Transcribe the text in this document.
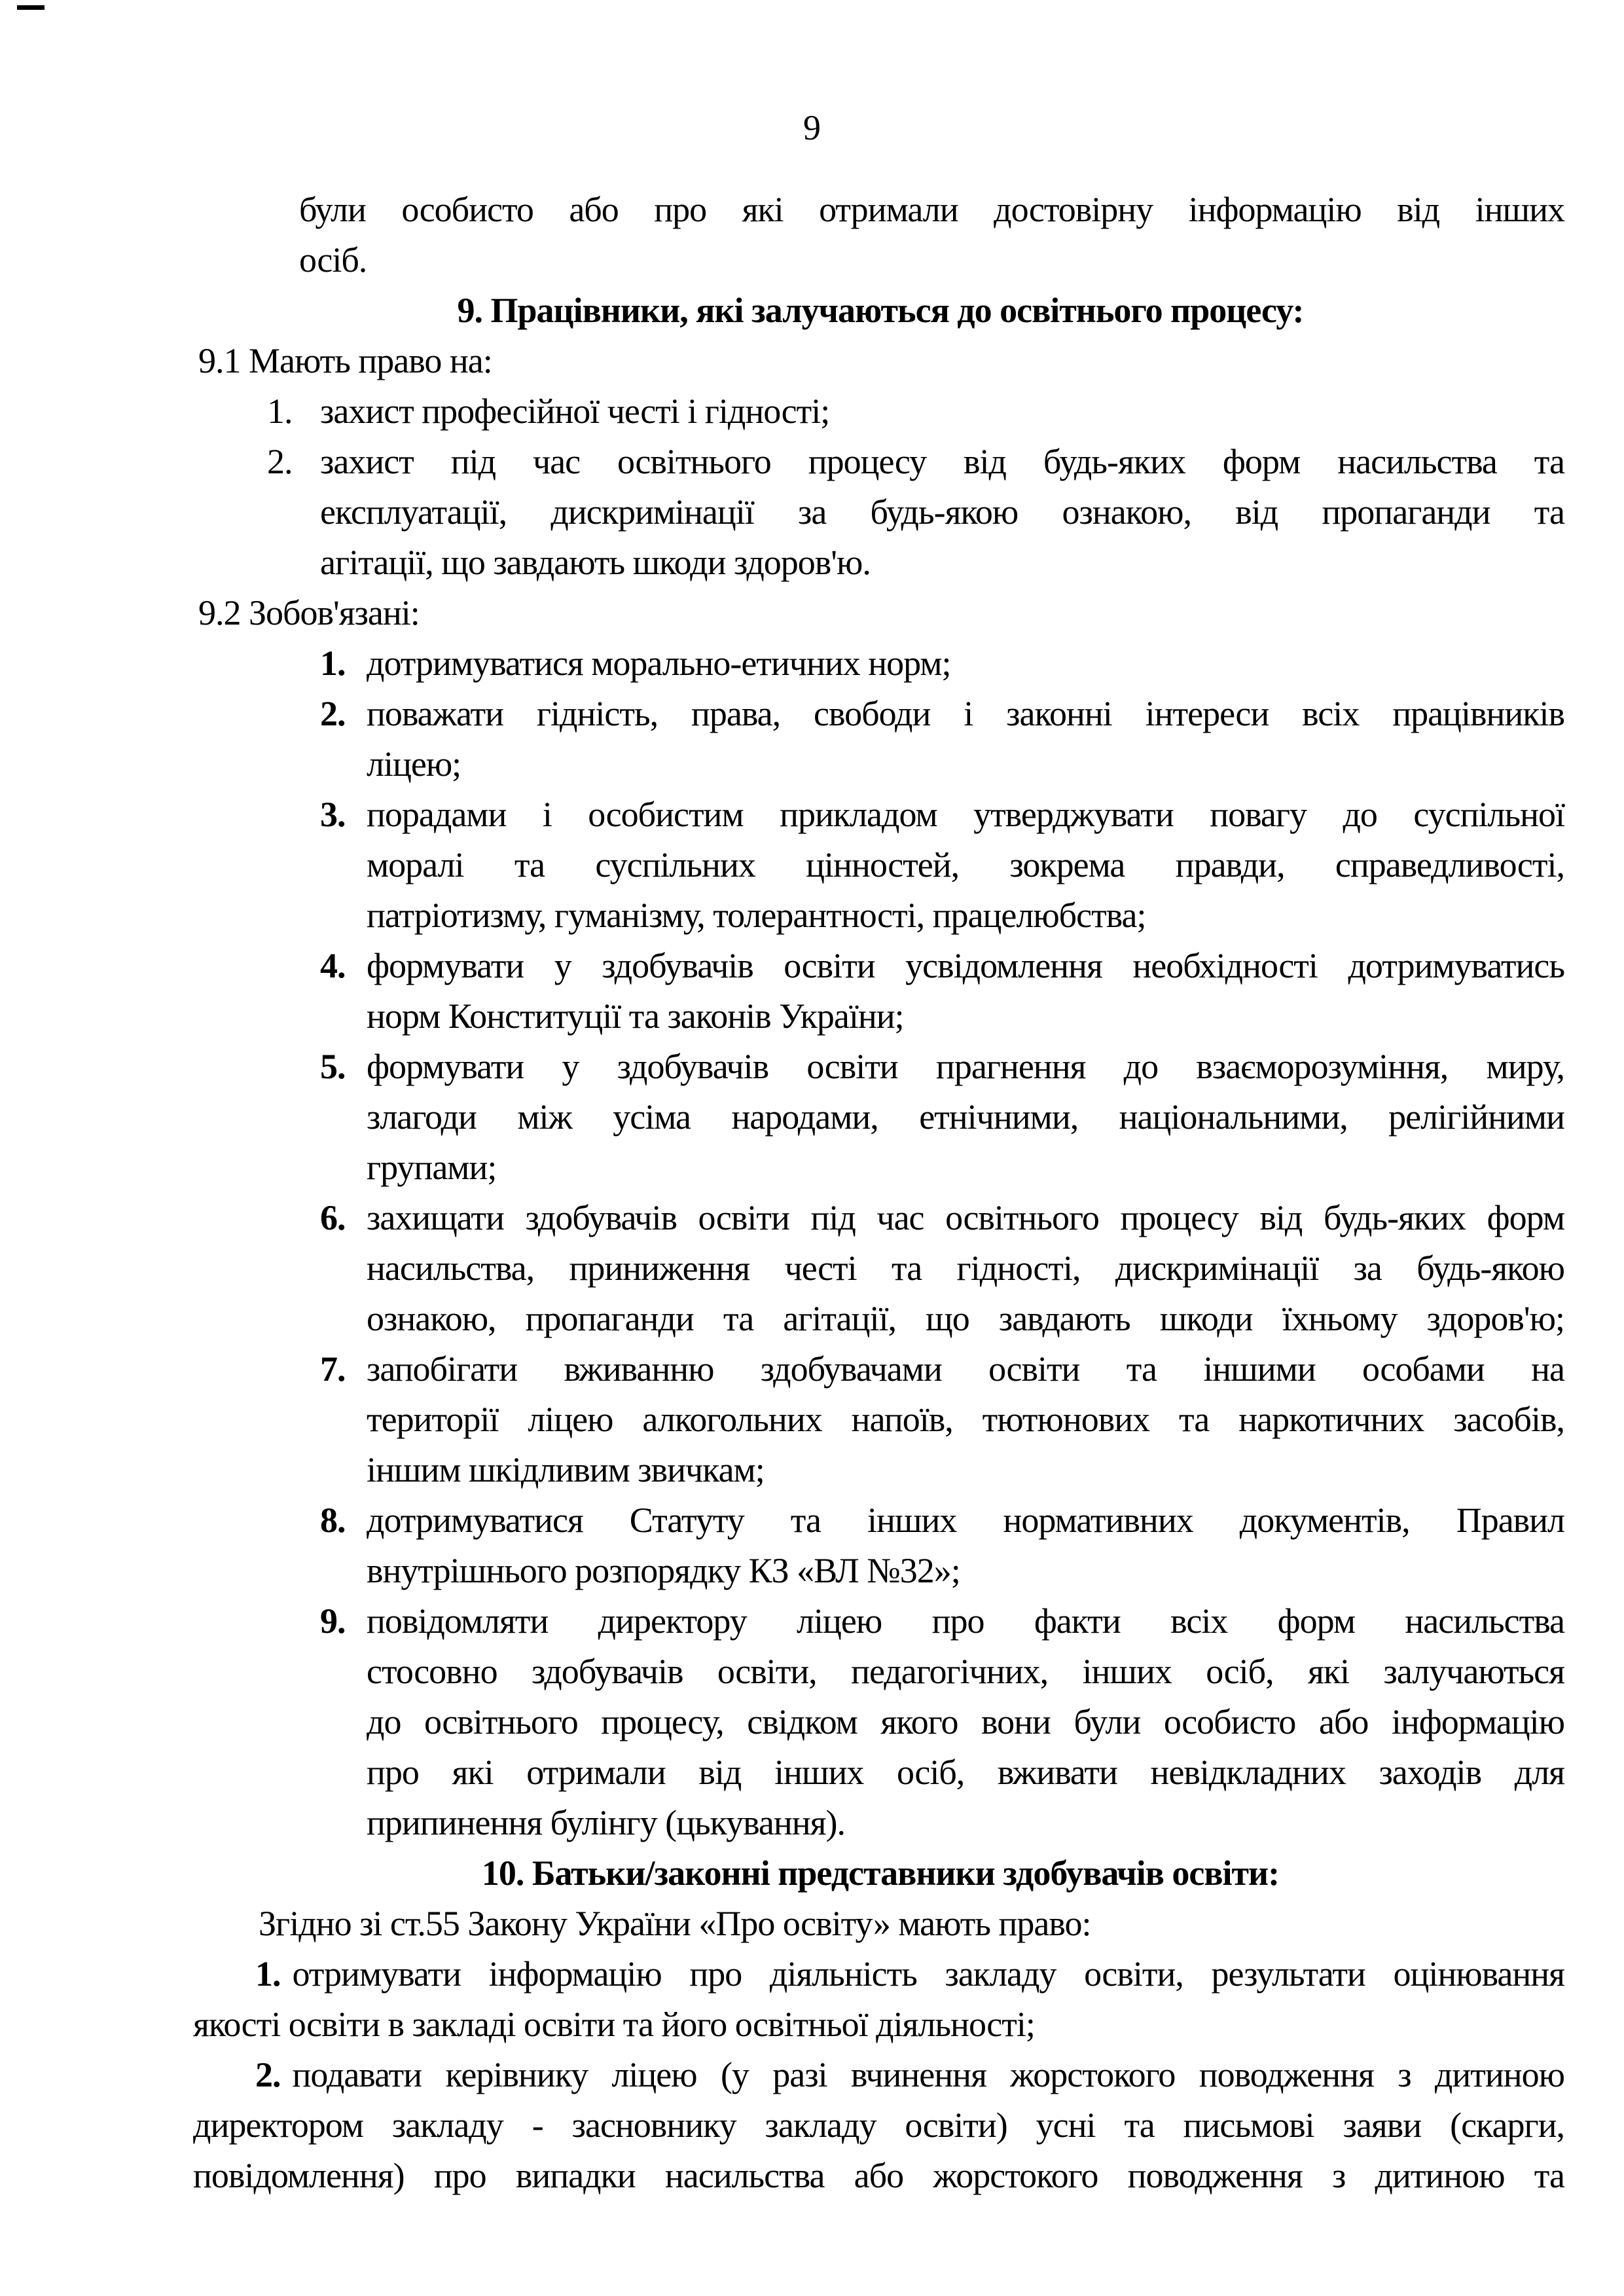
9
були особисто або про які отримали достовірну інформацію від інших
осіб.
9. Працівники, які залучаються до освітнього процесу:
9.1 Мають право на:
1. захист професійної честі і гідності;
2. захист під час освітнього процесу від будь-яких форм насильства та
експлуатації, дискримінації за будь-якою ознакою, від пропаганди та
агітації, що завдають шкоди здоров'ю.
9.2 Зобов'язані:
1. дотримуватися морально-етичних норм;
2. поважати гідність, права, свободи і законні інтереси всіх працівників
ліцею;
3. порадами і особистим прикладом утверджувати повагу до суспільної
моралі та суспільних цінностей, зокрема правди, справедливості,
патріотизму, гуманізму, толерантності, працелюбства;
4. формувати у здобувачів освіти усвідомлення необхідності дотримуватись
норм Конституції та законів України;
5. формувати у здобувачів освіти прагнення до взаєморозуміння, миру,
злагоди між усіма народами, етнічними, національними, релігійними
групами;
6. захищати здобувачів освіти під час освітнього процесу від будь-яких форм
насильства, приниження честі та гідності, дискримінації за будь-якою
ознакою, пропаганди та агітації, що завдають шкоди їхньому здоров'ю;
7. запобігати вживанню здобувачами освіти та іншими особами на
території ліцею алкогольних напоїв, тютюнових та наркотичних засобів,
іншим шкідливим звичкам;
8. дотримуватися Статуту та інших нормативних документів, Правил
внутрішнього розпорядку КЗ «ВЛ №32»;
9. повідомляти директору ліцею про факти всіх форм насильства
стосовно здобувачів освіти, педагогічних, інших осіб, які залучаються
до освітнього процесу, свідком якого вони були особисто або інформацію
про які отримали від інших осіб, вживати невідкладних заходів для
припинення булінгу (цькування).
10. Батьки/законні представники здобувачів освіти:
Згідно зі ст.55 Закону України «Про освіту» мають право:
1. отримувати інформацію про діяльність закладу освіти, результати оцінювання
якості освіти в закладі освіти та його освітньої діяльності;
2. подавати керівнику ліцею (у разі вчинення жорстокого поводження з дитиною
директором закладу - засновнику закладу освіти) усні та письмові заяви (скарги,
повідомлення) про випадки насильства або жорстокого поводження з дитиною та
